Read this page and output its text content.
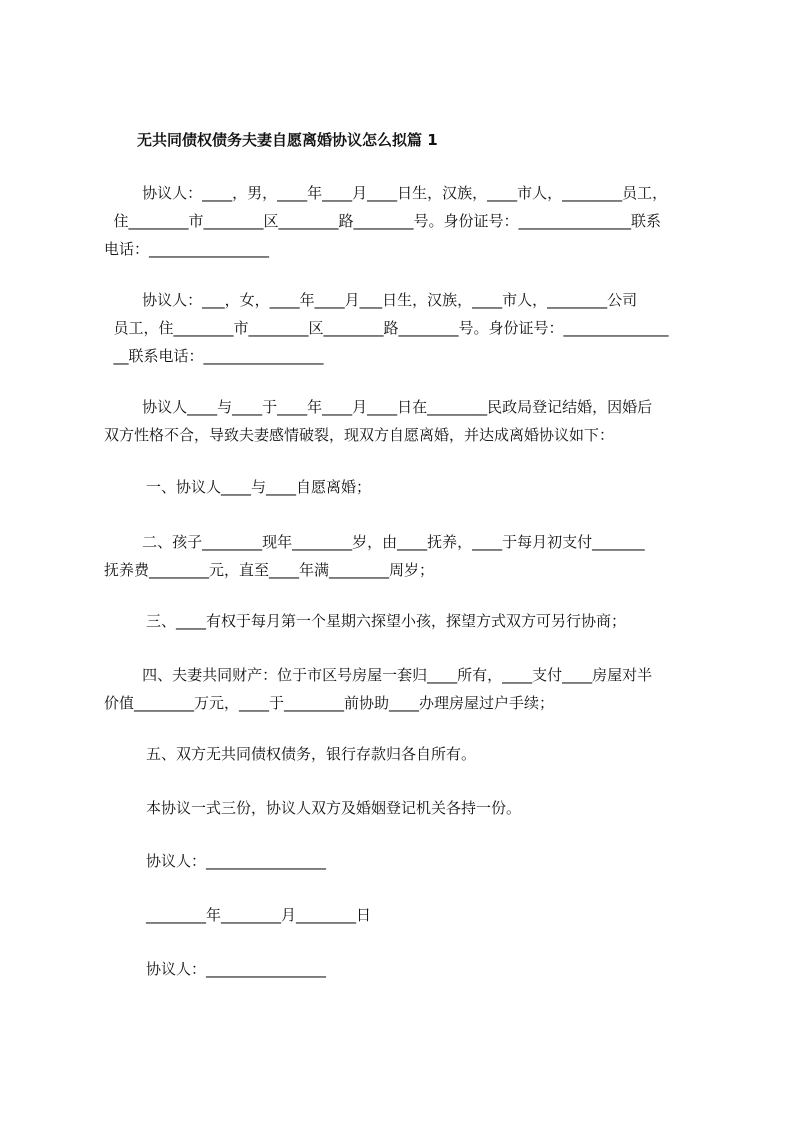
无共同债权债务夫妻自愿离婚协议怎么拟篇 1
协议人：____，男，____年____月____日生，汉族，____市人，________员工，
住________市________区________路________号。身份证号：_______________联系
电话：________________
协议人：___，女，____年____月___日生，汉族，____市人，________公司
员工，住________市________区________路________号。身份证号：______________
__联系电话：________________
协议人____与____于____年____月____日在________民政局登记结婚，因婚后
双方性格不合，导致夫妻感情破裂，现双方自愿离婚，并达成离婚协议如下：
一、协议人____与____自愿离婚；
二、孩子________现年________岁，由____抚养，____于每月初支付_______
抚养费________元，直至____年满________周岁；
三、____有权于每月第一个星期六探望小孩，探望方式双方可另行协商；
四、夫妻共同财产：位于市区号房屋一套归____所有，____支付____房屋对半
价值________万元，____于________前协助____办理房屋过户手续；
五、双方无共同债权债务，银行存款归各自所有。
本协议一式三份，协议人双方及婚姻登记机关各持一份。
协议人：________________
________年________月________日
协议人：________________
